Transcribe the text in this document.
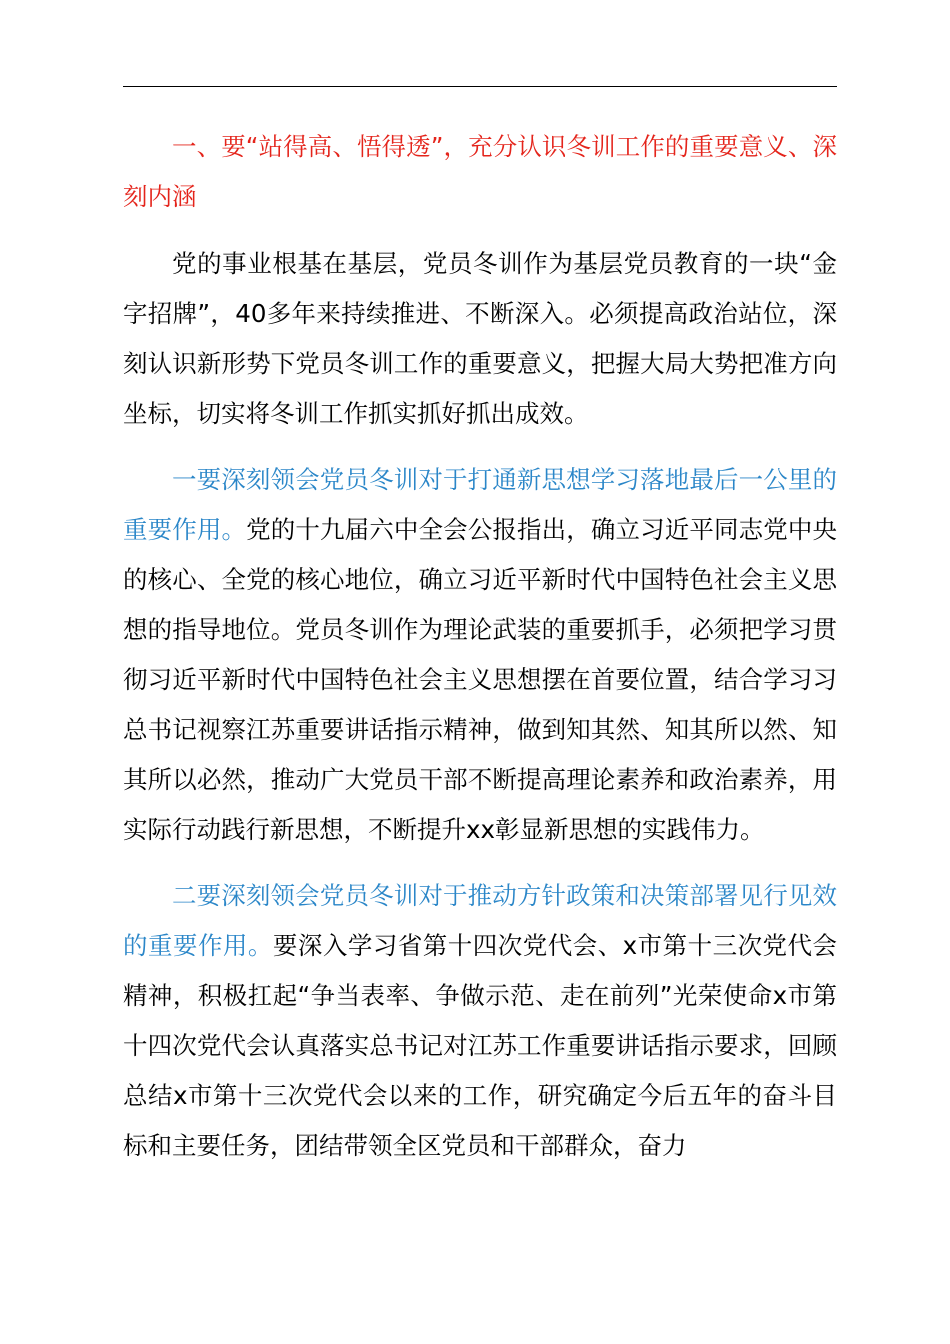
一、要“站得高、悟得透”，充分认识冬训工作的重要意义、深刻内涵

党的事业根基在基层，党员冬训作为基层党员教育的一块“金字招牌”，40多年来持续推进、不断深入。必须提高政治站位，深刻认识新形势下党员冬训工作的重要意义，把握大局大势把准方向坐标，切实将冬训工作抓实抓好抓出成效。

一要深刻领会党员冬训对于打通新思想学习落地最后一公里的重要作用。党的十九届六中全会公报指出，确立习近平同志党中央的核心、全党的核心地位，确立习近平新时代中国特色社会主义思想的指导地位。党员冬训作为理论武装的重要抓手，必须把学习贯彻习近平新时代中国特色社会主义思想摆在首要位置，结合学习习总书记视察江苏重要讲话指示精神，做到知其然、知其所以然、知其所以必然，推动广大党员干部不断提高理论素养和政治素养，用实际行动践行新思想，不断提升xx彰显新思想的实践伟力。

二要深刻领会党员冬训对于推动方针政策和决策部署见行见效的重要作用。要深入学习省第十四次党代会、x市第十三次党代会精神，积极扛起“争当表率、争做示范、走在前列”光荣使命x市第十四次党代会认真落实总书记对江苏工作重要讲话指示要求，回顾总结x市第十三次党代会以来的工作，研究确定今后五年的奋斗目标和主要任务，团结带领全区党员和干部群众，奋力
